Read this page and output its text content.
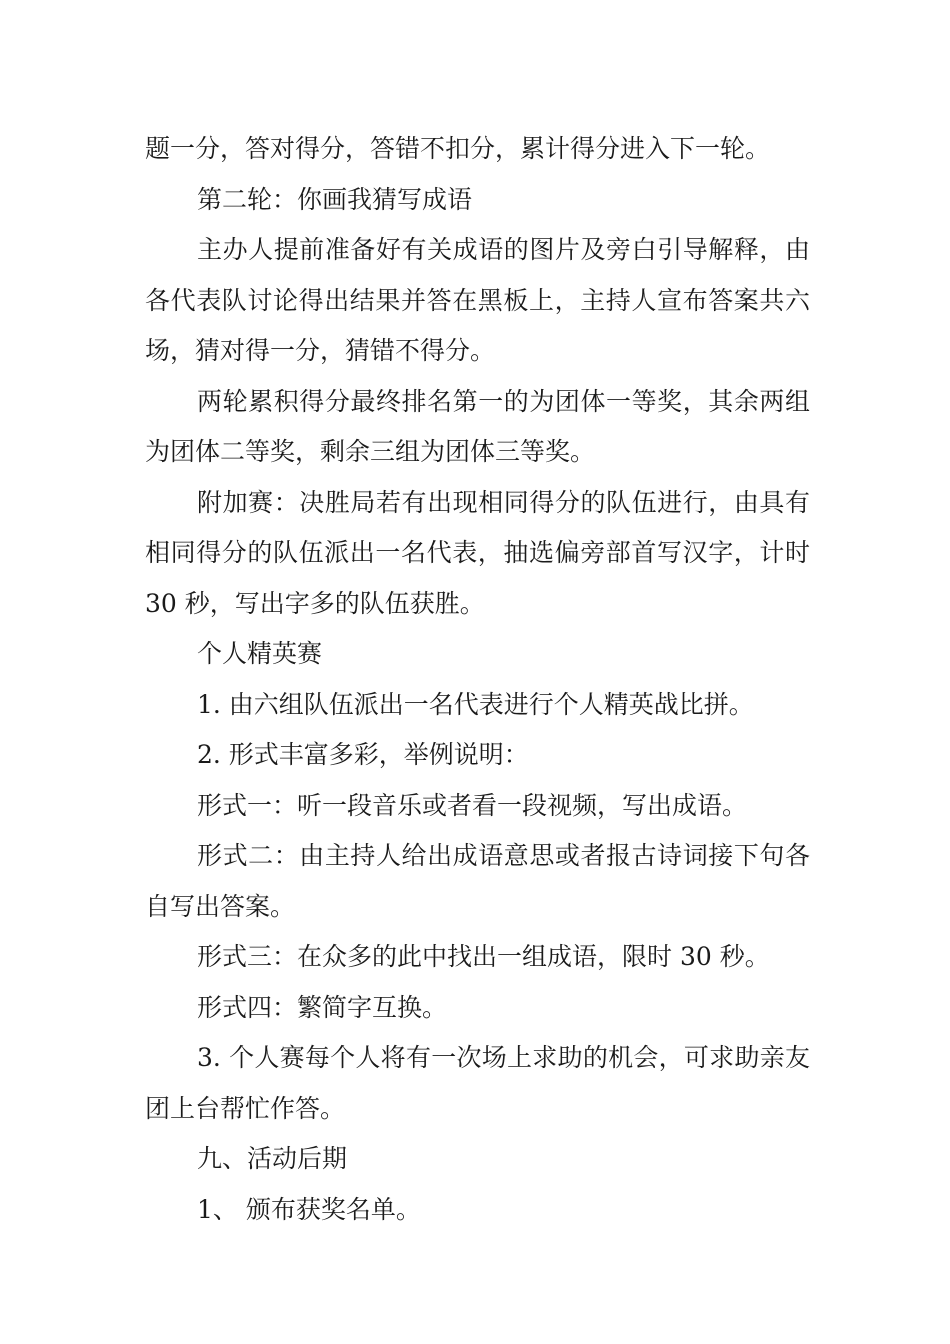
题一分，答对得分，答错不扣分，累计得分进入下一轮。

第二轮：你画我猜写成语

主办人提前准备好有关成语的图片及旁白引导解释，由各代表队讨论得出结果并答在黑板上，主持人宣布答案共六场，猜对得一分，猜错不得分。

两轮累积得分最终排名第一的为团体一等奖，其余两组为团体二等奖，剩余三组为团体三等奖。

附加赛：决胜局若有出现相同得分的队伍进行，由具有相同得分的队伍派出一名代表，抽选偏旁部首写汉字，计时 30 秒，写出字多的队伍获胜。

个人精英赛

1. 由六组队伍派出一名代表进行个人精英战比拼。

2. 形式丰富多彩，举例说明：

形式一：听一段音乐或者看一段视频，写出成语。

形式二：由主持人给出成语意思或者报古诗词接下句各自写出答案。

形式三：在众多的此中找出一组成语，限时 30 秒。

形式四：繁简字互换。

3. 个人赛每个人将有一次场上求助的机会，可求助亲友团上台帮忙作答。

九、活动后期

1、 颁布获奖名单。
